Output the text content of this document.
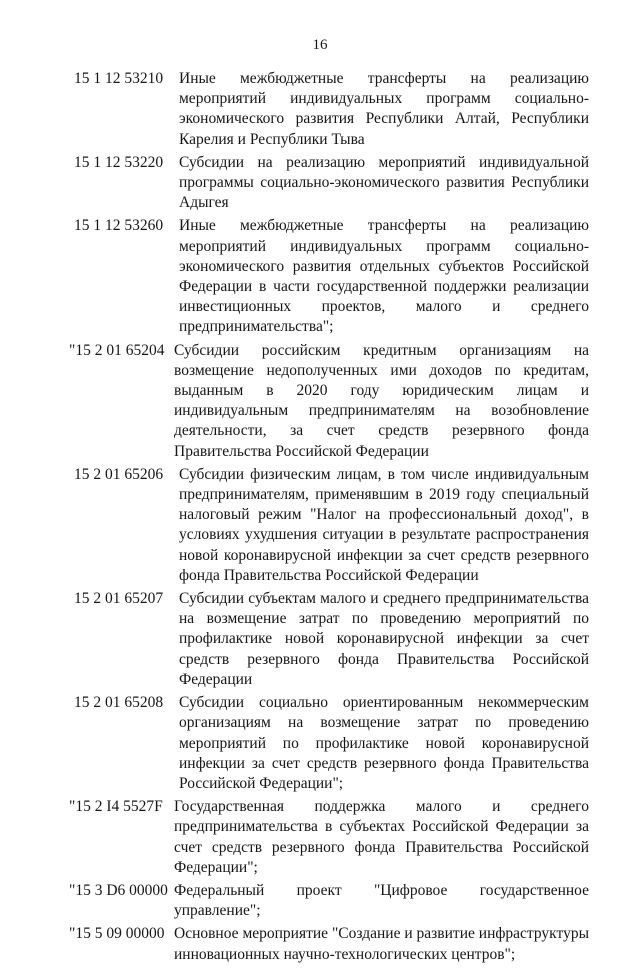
16
15 1 12 53210	Иные межбюджетные трансферты на реализацию мероприятий индивидуальных программ социально-экономического развития Республики Алтай, Республики Карелия и Республики Тыва
15 1 12 53220	Субсидии на реализацию мероприятий индивидуальной программы социально-экономического развития Республики Адыгея
15 1 12 53260	Иные межбюджетные трансферты на реализацию мероприятий индивидуальных программ социально-экономического развития отдельных субъектов Российской Федерации в части государственной поддержки реализации инвестиционных проектов, малого и среднего предпринимательства";
"15 2 01 65204 Субсидии российским кредитным организациям на возмещение недополученных ими доходов по кредитам, выданным в 2020 году юридическим лицам и индивидуальным предпринимателям на возобновление деятельности, за счет средств резервного фонда Правительства Российской Федерации
15 2 01 65206	Субсидии физическим лицам, в том числе индивидуальным предпринимателям, применявшим в 2019 году специальный налоговый режим "Налог на профессиональный доход", в условиях ухудшения ситуации в результате распространения новой коронавирусной инфекции за счет средств резервного фонда Правительства Российской Федерации
15 2 01 65207	Субсидии субъектам малого и среднего предпринимательства на возмещение затрат по проведению мероприятий по профилактике новой коронавирусной инфекции за счет средств резервного фонда Правительства Российской Федерации
15 2 01 65208	Субсидии социально ориентированным некоммерческим организациям на возмещение затрат по проведению мероприятий по профилактике новой коронавирусной инфекции за счет средств резервного фонда Правительства Российской Федерации";
"15 2 I4 5527F Государственная поддержка малого и среднего предпринимательства в субъектах Российской Федерации за счет средств резервного фонда Правительства Российской Федерации";
"15 3 D6 00000 Федеральный проект "Цифровое государственное управление";
"15 5 09 00000 Основное мероприятие "Создание и развитие инфраструктуры инновационных научно-технологических центров";
